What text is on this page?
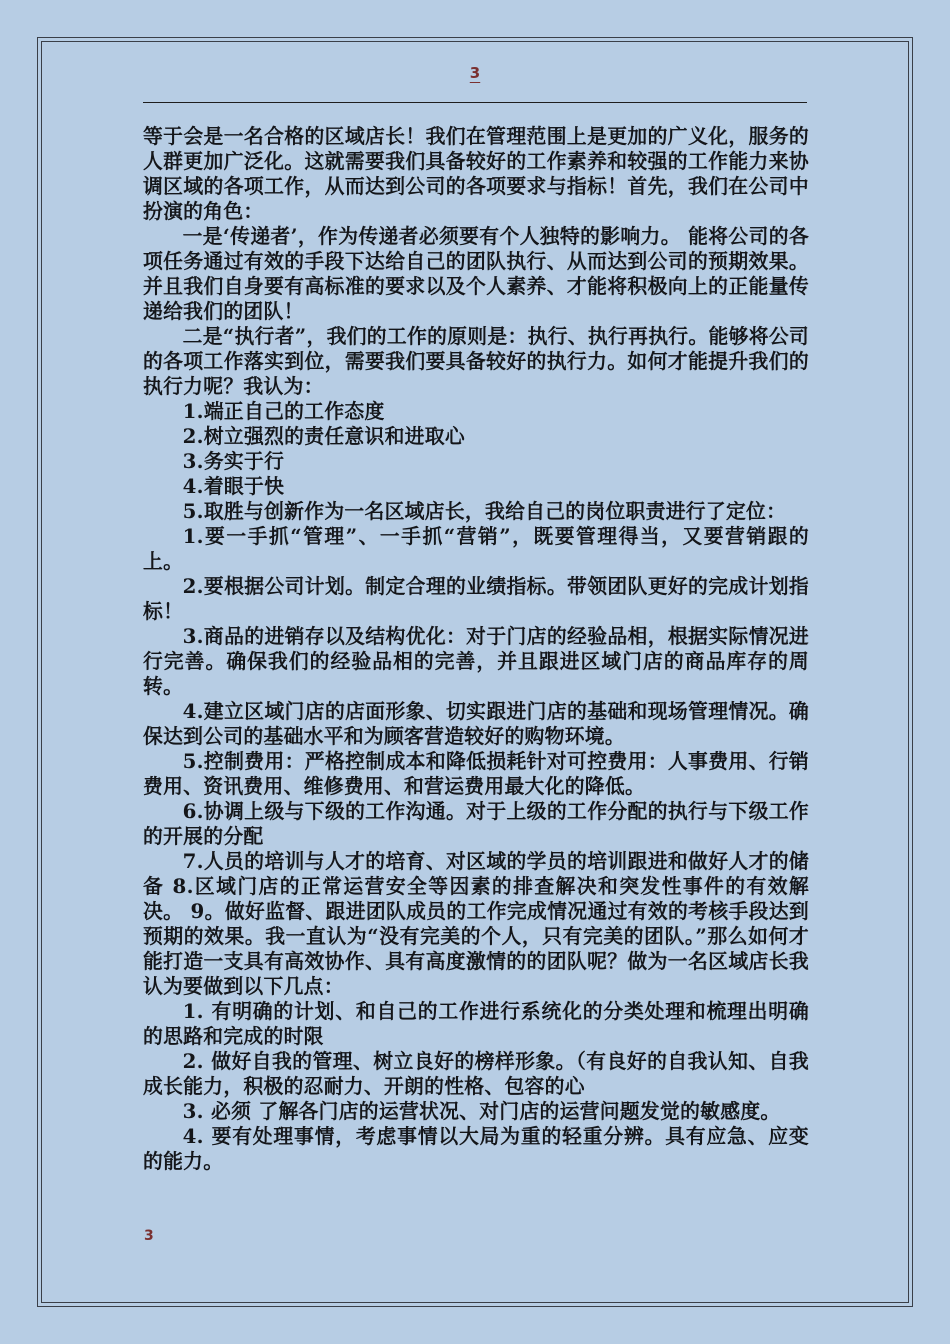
3

等于会是一名合格的区域店长！我们在管理范围上是更加的广义化，服务的人群更加广泛化。这就需要我们具备较好的工作素养和较强的工作能力来协调区域的各项工作，从而达到公司的各项要求与指标！首先，我们在公司中扮演的角色：

一是‘传递者’，作为传递者必须要有个人独特的影响力。 能将公司的各项任务通过有效的手段下达给自己的团队执行、从而达到公司的预期效果。并且我们自身要有高标准的要求以及个人素养、才能将积极向上的正能量传递给我们的团队！

二是“执行者”，我们的工作的原则是：执行、执行再执行。能够将公司的各项工作落实到位，需要我们要具备较好的执行力。如何才能提升我们的执行力呢？我认为：

1.端正自己的工作态度

2.树立强烈的责任意识和进取心

3.务实于行

4.着眼于快

5.取胜与创新作为一名区域店长，我给自己的岗位职责进行了定位：

1.要一手抓“管理”、一手抓“营销”，既要管理得当，又要营销跟的上。

2.要根据公司计划。制定合理的业绩指标。带领团队更好的完成计划指标！

3.商品的进销存以及结构优化：对于门店的经验品相，根据实际情况进行完善。确保我们的经验品相的完善，并且跟进区域门店的商品库存的周转。

4.建立区域门店的店面形象、切实跟进门店的基础和现场管理情况。确保达到公司的基础水平和为顾客营造较好的购物环境。

5.控制费用：严格控制成本和降低损耗针对可控费用：人事费用、行销费用、资讯费用、维修费用、和营运费用最大化的降低。

6.协调上级与下级的工作沟通。对于上级的工作分配的执行与下级工作的开展的分配

7.人员的培训与人才的培育、对区域的学员的培训跟进和做好人才的储备 8.区域门店的正常运营安全等因素的排查解决和突发性事件的有效解决。 9。做好监督、跟进团队成员的工作完成情况通过有效的考核手段达到预期的效果。我一直认为“没有完美的个人，只有完美的团队。”那么如何才能打造一支具有高效协作、具有高度激情的的团队呢？做为一名区域店长我认为要做到以下几点：

1. 有明确的计划、和自己的工作进行系统化的分类处理和梳理出明确的思路和完成的时限

2. 做好自我的管理、树立良好的榜样形象。（有良好的自我认知、自我成长能力，积极的忍耐力、开朗的性格、包容的心

3. 必须 了解各门店的运营状况、对门店的运营问题发觉的敏感度。

4. 要有处理事情，考虑事情以大局为重的轻重分辨。具有应急、应变的能力。

3
